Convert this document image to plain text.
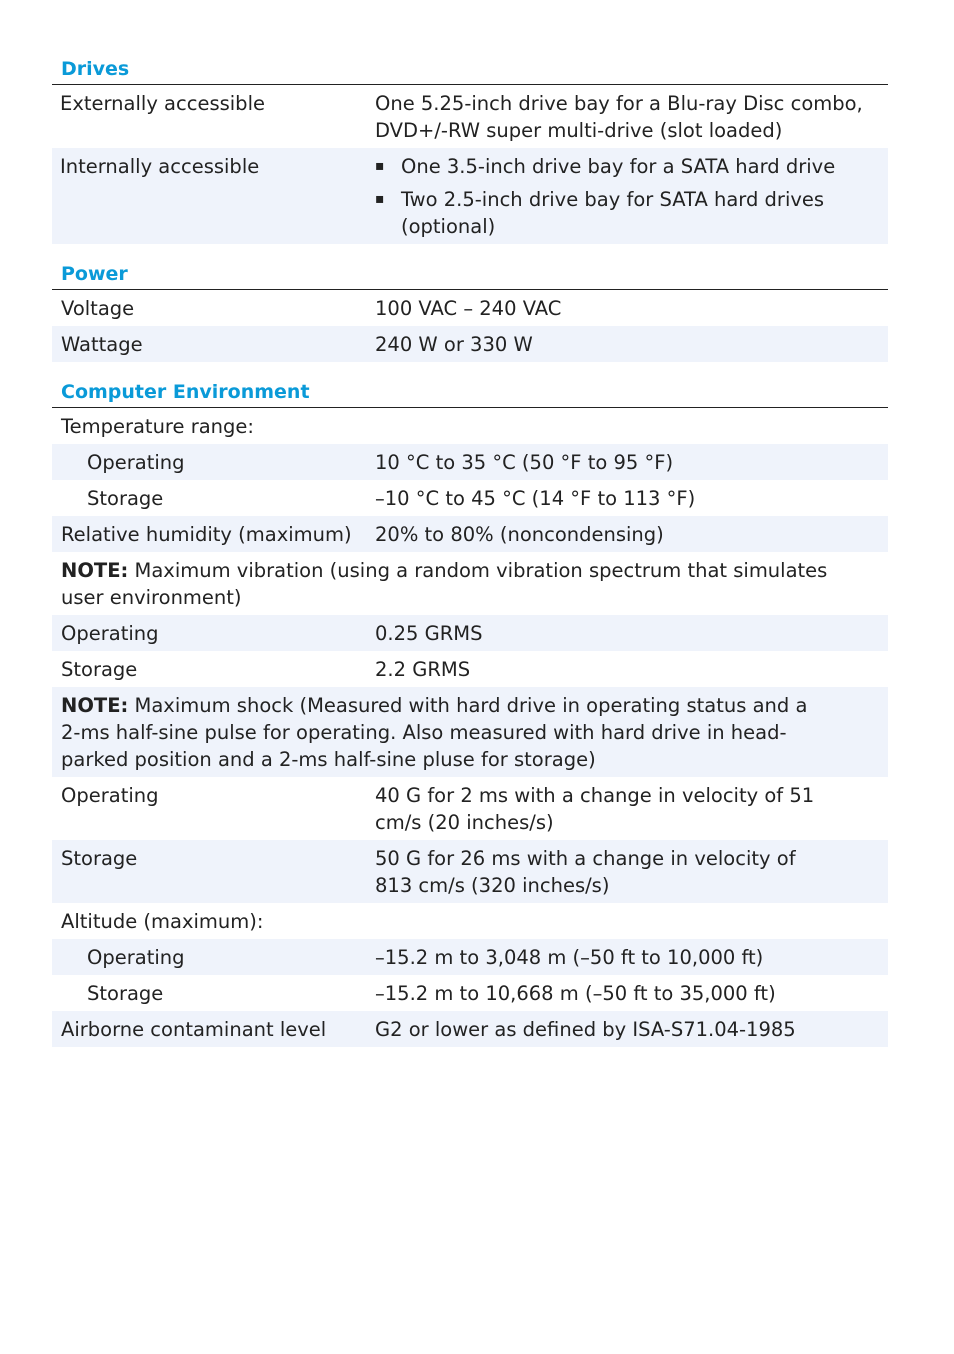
Drives
Externally accessible	One 5.25-inch drive bay for a Blu-ray Disc combo, DVD+/-RW super multi-drive (slot loaded)
Internally accessible	▪ One 3.5-inch drive bay for a SATA hard drive
▪ Two 2.5-inch drive bay for SATA hard drives (optional)
Power
Voltage	100 VAC – 240 VAC
Wattage	240 W or 330 W
Computer Environment
Temperature range:
Operating	10 °C to 35 °C (50 °F to 95 °F)
Storage	–10 °C to 45 °C (14 °F to 113 °F)
Relative humidity (maximum)	20% to 80% (noncondensing)
NOTE: Maximum vibration (using a random vibration spectrum that simulates user environment)
Operating	0.25 GRMS
Storage	2.2 GRMS
NOTE: Maximum shock (Measured with hard drive in operating status and a 2-ms half-sine pulse for operating. Also measured with hard drive in head-parked position and a 2-ms half-sine pluse for storage)
Operating	40 G for 2 ms with a change in velocity of 51 cm/s (20 inches/s)
Storage	50 G for 26 ms with a change in velocity of 813 cm/s (320 inches/s)
Altitude (maximum):
Operating	–15.2 m to 3,048 m (–50 ft to 10,000 ft)
Storage	–15.2 m to 10,668 m (–50 ft to 35,000 ft)
Airborne contaminant level	G2 or lower as defined by ISA-S71.04-1985
